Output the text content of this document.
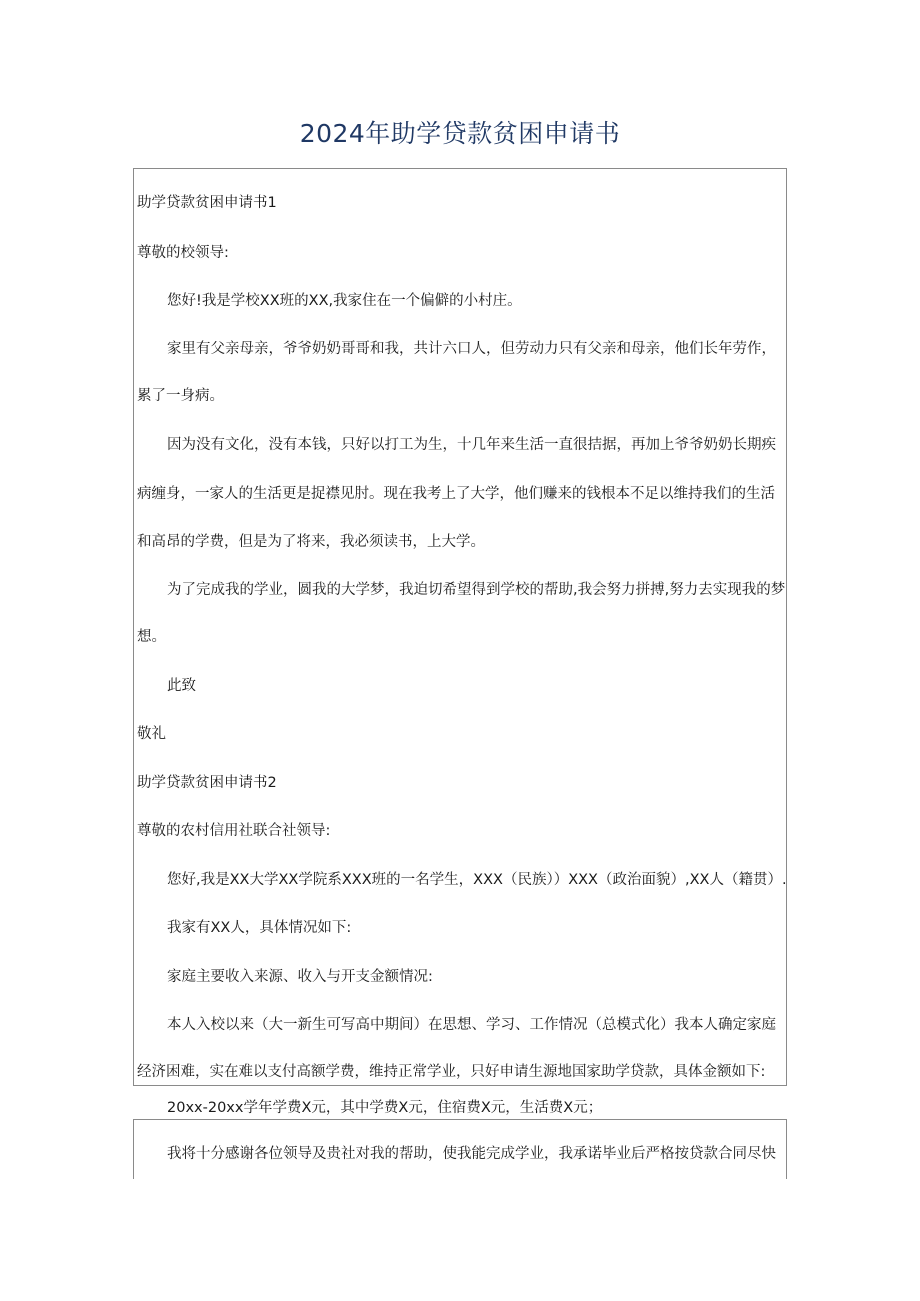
2024年助学贷款贫困申请书
助学贷款贫困申请书1
尊敬的校领导:
您好!我是学校XX班的XX,我家住在一个偏僻的小村庄。
家里有父亲母亲，爷爷奶奶哥哥和我，共计六口人，但劳动力只有父亲和母亲，他们长年劳作，
累了一身病。
因为没有文化，没有本钱，只好以打工为生，十几年来生活一直很拮据，再加上爷爷奶奶长期疾
病缠身，一家人的生活更是捉襟见肘。现在我考上了大学，他们赚来的钱根本不足以维持我们的生活
和高昂的学费，但是为了将来，我必须读书，上大学。
为了完成我的学业，圆我的大学梦，我迫切希望得到学校的帮助,我会努力拼搏,努力去实现我的梦
想。
此致
敬礼
助学贷款贫困申请书2
尊敬的农村信用社联合社领导:
您好,我是XX大学XX学院系XXX班的一名学生，XXX（民族））XXX（政治面貌）,XX人（籍贯）.
我家有XX人，具体情况如下:
家庭主要收入来源、收入与开支金额情况:
本人入校以来（大一新生可写高中期间）在思想、学习、工作情况（总模式化）我本人确定家庭
经济困难，实在难以支付高额学费，维持正常学业，只好申请生源地国家助学贷款，具体金额如下:
20xx-20xx学年学费X元，其中学费X元，住宿费X元，生活费X元；
我将十分感谢各位领导及贵社对我的帮助，使我能完成学业，我承诺毕业后严格按贷款合同尽快
